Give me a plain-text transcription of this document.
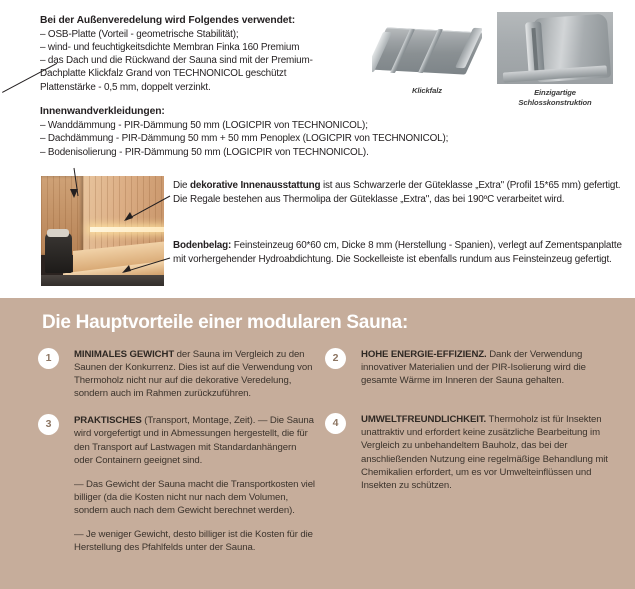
Bei der Außenveredelung wird Folgendes verwendet:
– OSB-Platte (Vorteil - geometrische Stabilität);
– wind- und feuchtigkeitsdichte Membran Finka 160 Premium
– das Dach und die Rückwand der Sauna sind mit der Premium-
Dachplatte Klickfalz Grand von TECHNONICOL geschützt
Plattenstärke - 0,5 mm, doppelt verzinkt.
Innenwandverkleidungen:
– Wanddämmung - PIR-Dämmung 50 mm (LOGICPIR von TECHNONICOL);
– Dachdämmung - PIR-Dämmung 50 mm + 50 mm Penoplex (LOGICPIR von TECHNONICOL);
– Bodenisolierung - PIR-Dämmung 50 mm (LOGICPIR von TECHNONICOL).
Klickfalz	Einzigartige
Schlosskonstruktion
Die dekorative Innenausstattung ist aus Schwarzerle der Güteklasse „Extra" (Profil 15*65 mm) gefertigt. Die Regale bestehen aus Thermolipa der Güteklasse „Extra", das bei 190ºC verarbeitet wird.
Bodenbelag: Feinsteinzeug 60*60 cm, Dicke 8 mm (Herstellung - Spanien), verlegt auf Zementspanplatte mit vorhergehender Hydroabdichtung. Die Sockelleiste ist ebenfalls rundum aus Feinsteinzeug gefertigt.
Die Hauptvorteile einer modularen Sauna:
1	MINIMALES GEWICHT der Sauna im Vergleich zu den Saunen der Konkurrenz. Dies ist auf die Verwendung von Thermoholz nicht nur auf die dekorative Veredelung, sondern auch im Rahmen zurückzuführen.
3	PRAKTISCHES (Transport, Montage, Zeit). — Die Sauna wird vorgefertigt und in Abmessungen hergestellt, die für den Transport auf Lastwagen mit Standardanhängern oder Containern geeignet sind.
— Das Gewicht der Sauna macht die Transportkosten viel billiger (da die Kosten nicht nur nach dem Volumen, sondern auch nach dem Gewicht berechnet werden).
— Je weniger Gewicht, desto billiger ist die Kosten für die Herstellung des Pfahlfelds unter der Sauna.
2	HOHE ENERGIE-EFFIZIENZ. Dank der Verwendung innovativer Materialien und der PIR-Isolierung wird die gesamte Wärme im Inneren der Sauna gehalten.
4	UMWELTFREUNDLICHKEIT. Thermoholz ist für Insekten unattraktiv und erfordert keine zusätzliche Bearbeitung im Vergleich zu unbehandeltem Bauholz, das bei der anschließenden Nutzung eine regelmäßige Behandlung mit Chemikalien erfordert, um es vor Umwelteinflüssen und Insekten zu schützen.
